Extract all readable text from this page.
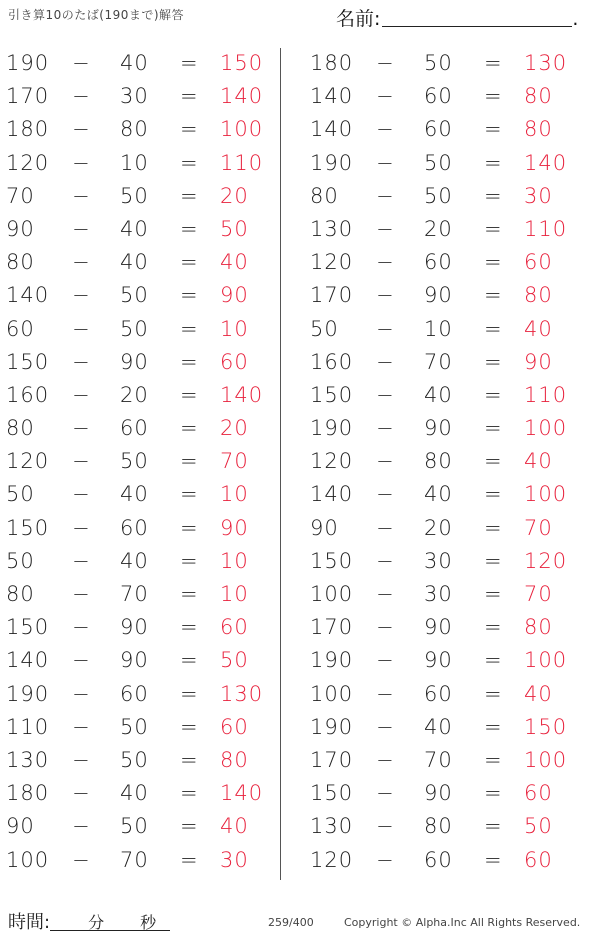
引き算10のたば(190まで)解答	名前:	.
190 − 40 = 150
170 − 30 = 140
180 − 80 = 100
120 − 10 = 110
70 − 50 = 20
90 − 40 = 50
80 − 40 = 40
140 − 50 = 90
60 − 50 = 10
150 − 90 = 60
160 − 20 = 140
80 − 60 = 20
120 − 50 = 70
50 − 40 = 10
150 − 60 = 90
50 − 40 = 10
80 − 70 = 10
150 − 90 = 60
140 − 90 = 50
190 − 60 = 130
110 − 50 = 60
130 − 50 = 80
180 − 40 = 140
90 − 50 = 40
100 − 70 = 30
180 − 50 = 130
140 − 60 = 80
140 − 60 = 80
190 − 50 = 140
80 − 50 = 30
130 − 20 = 110
120 − 60 = 60
170 − 90 = 80
50 − 10 = 40
160 − 70 = 90
150 − 40 = 110
190 − 90 = 100
120 − 80 = 40
140 − 40 = 100
90 − 20 = 70
150 − 30 = 120
100 − 30 = 70
170 − 90 = 80
190 − 90 = 100
100 − 60 = 40
190 − 40 = 150
170 − 70 = 100
150 − 90 = 60
130 − 80 = 50
120 − 60 = 60
時間: 分 秒	259/400	Copyright © Alpha.Inc All Rights Reserved.
